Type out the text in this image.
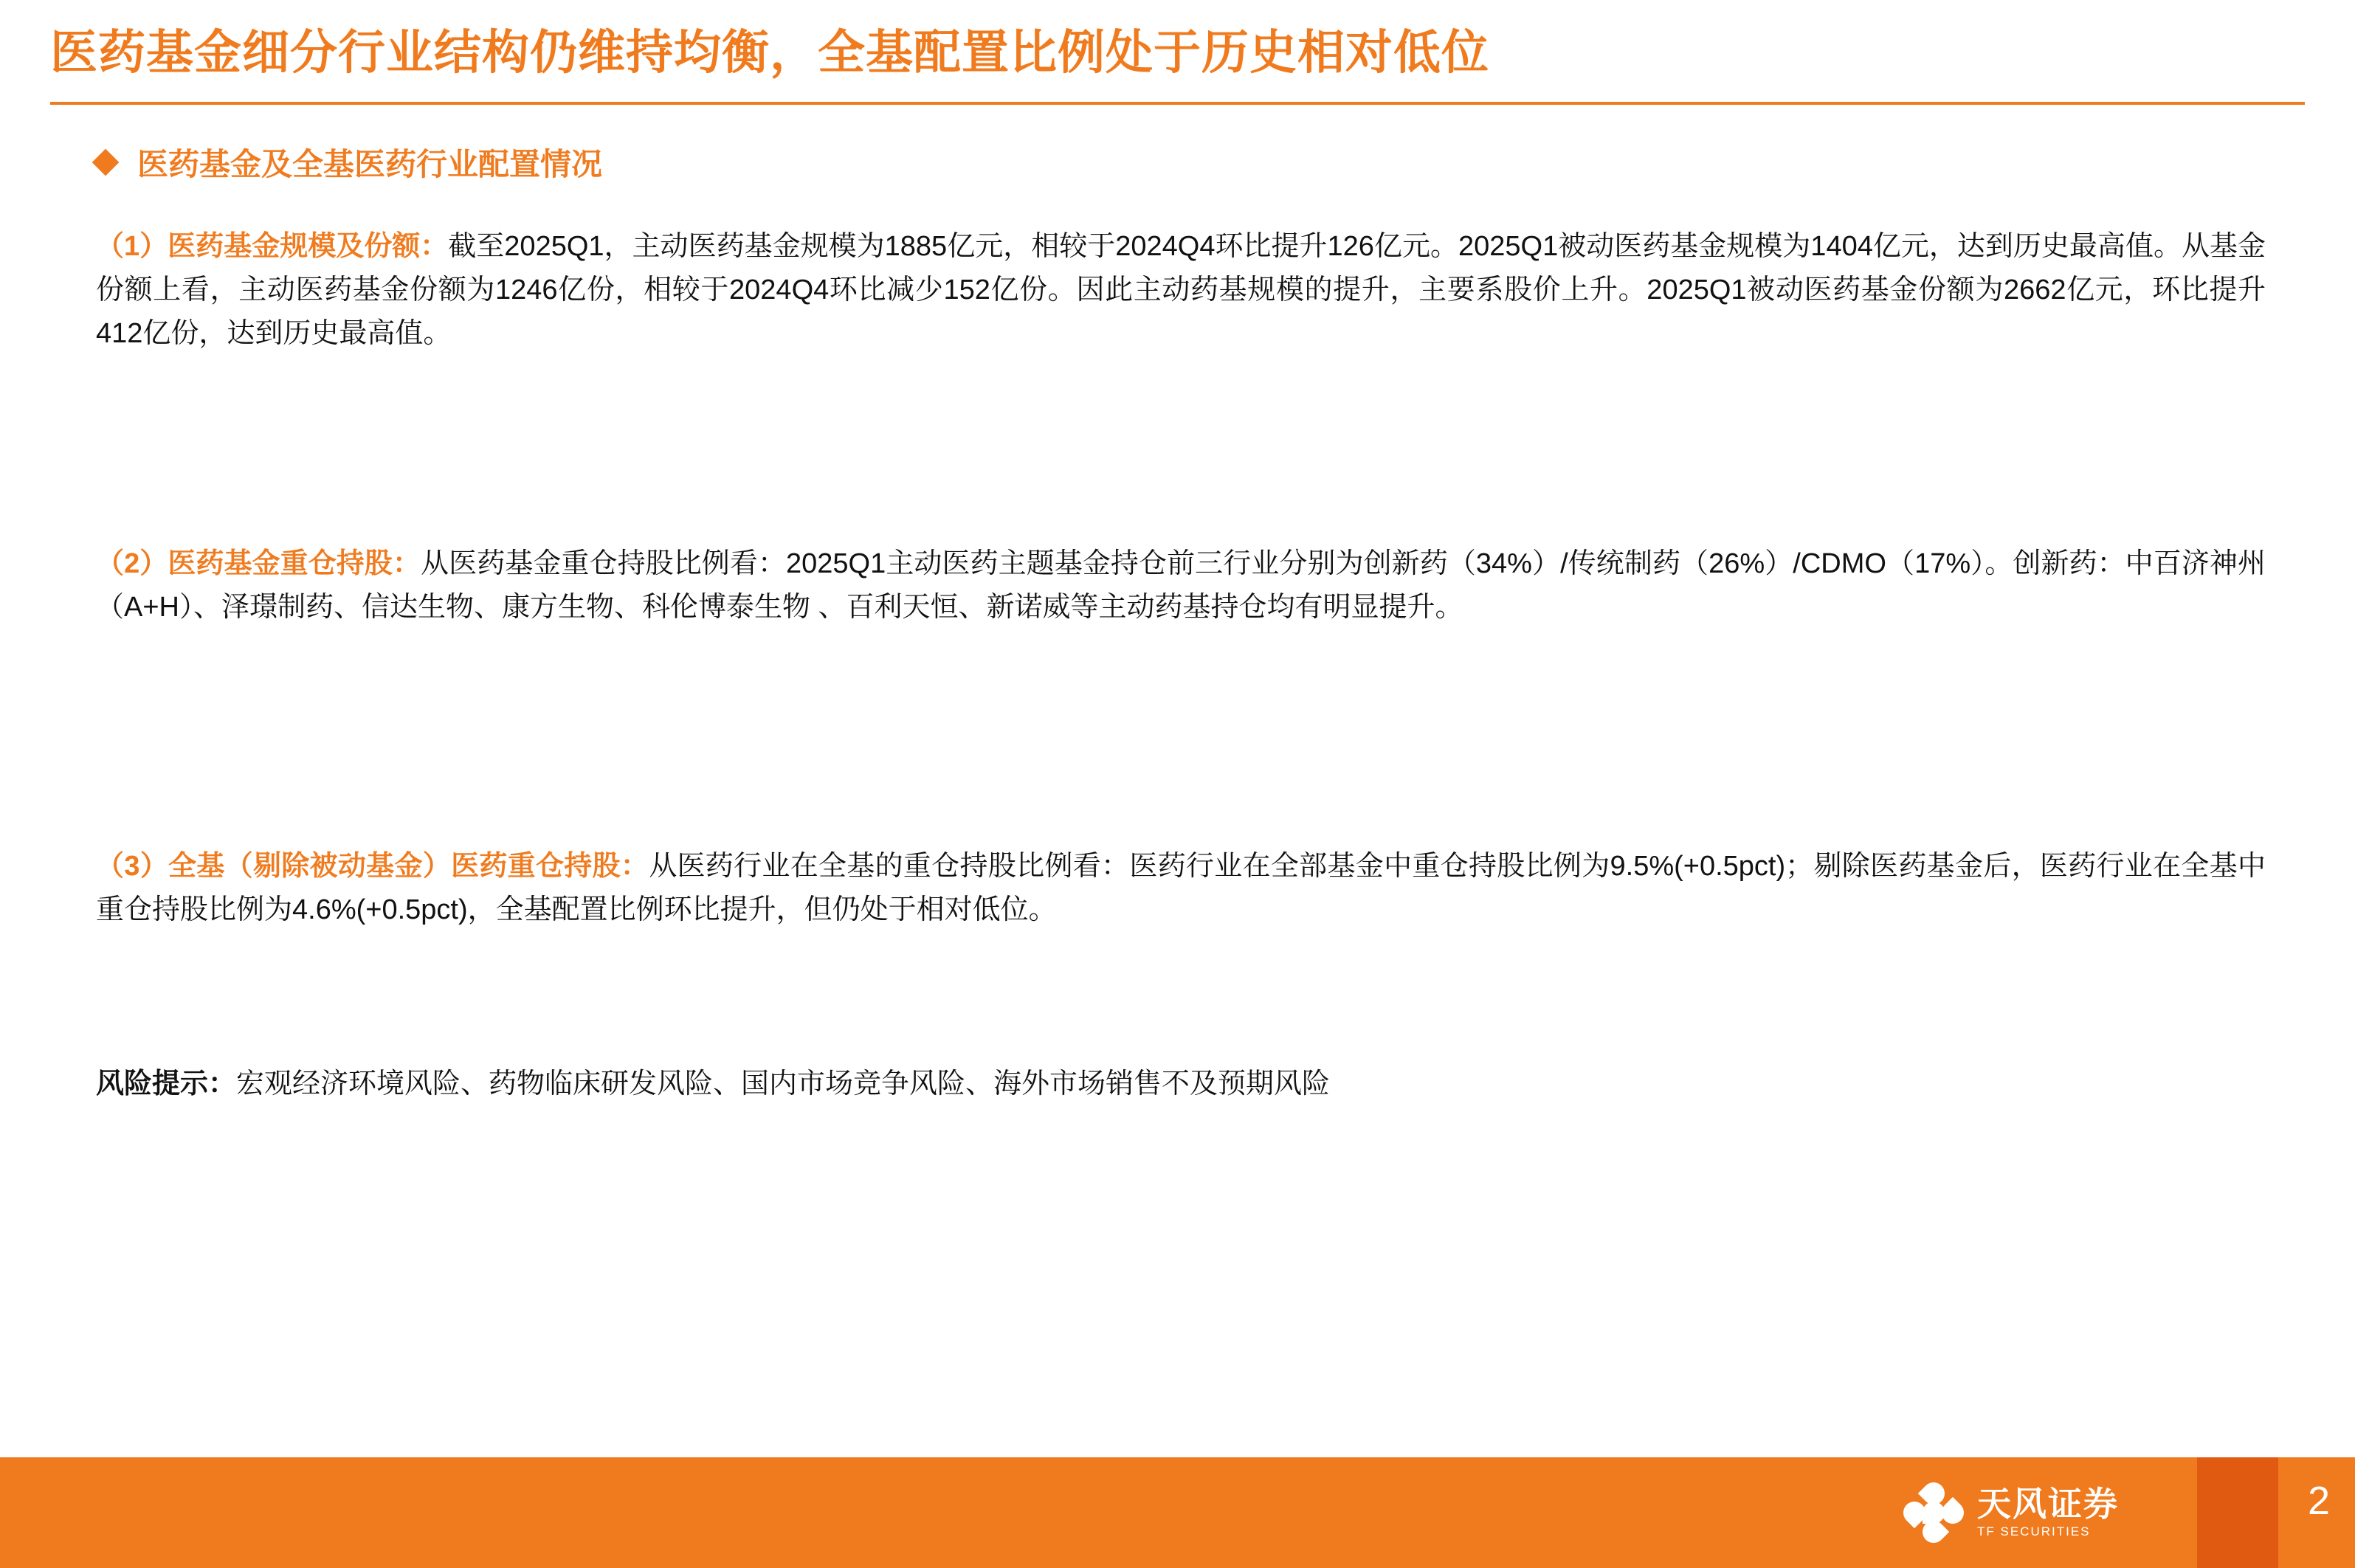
医药基金细分行业结构仍维持均衡，全基配置比例处于历史相对低位
医药基金及全基医药行业配置情况
（1）医药基金规模及份额：截至2025Q1，主动医药基金规模为1885亿元，相较于2024Q4环比提升126亿元。2025Q1被动医药基金规模为1404亿元，达到历史最高值。从基金份额上看，主动医药基金份额为1246亿份，相较于2024Q4环比减少152亿份。因此主动药基规模的提升，主要系股价上升。2025Q1被动医药基金份额为2662亿元，环比提升412亿份，达到历史最高值。
（2）医药基金重仓持股：从医药基金重仓持股比例看：2025Q1主动医药主题基金持仓前三行业分别为创新药（34%）/传统制药（26%）/CDMO（17%）。创新药：中百济神州（A+H）、泽璟制药、信达生物、康方生物、科伦博泰生物 、百利天恒、新诺威等主动药基持仓均有明显提升。
（3）全基（剔除被动基金）医药重仓持股：从医药行业在全基的重仓持股比例看：医药行业在全部基金中重仓持股比例为9.5%(+0.5pct)；剔除医药基金后，医药行业在全基中重仓持股比例为4.6%(+0.5pct)，全基配置比例环比提升，但仍处于相对低位。
风险提示：宏观经济环境风险、药物临床研发风险、国内市场竞争风险、海外市场销售不及预期风险
天风证券
TF SECURITIES
2
